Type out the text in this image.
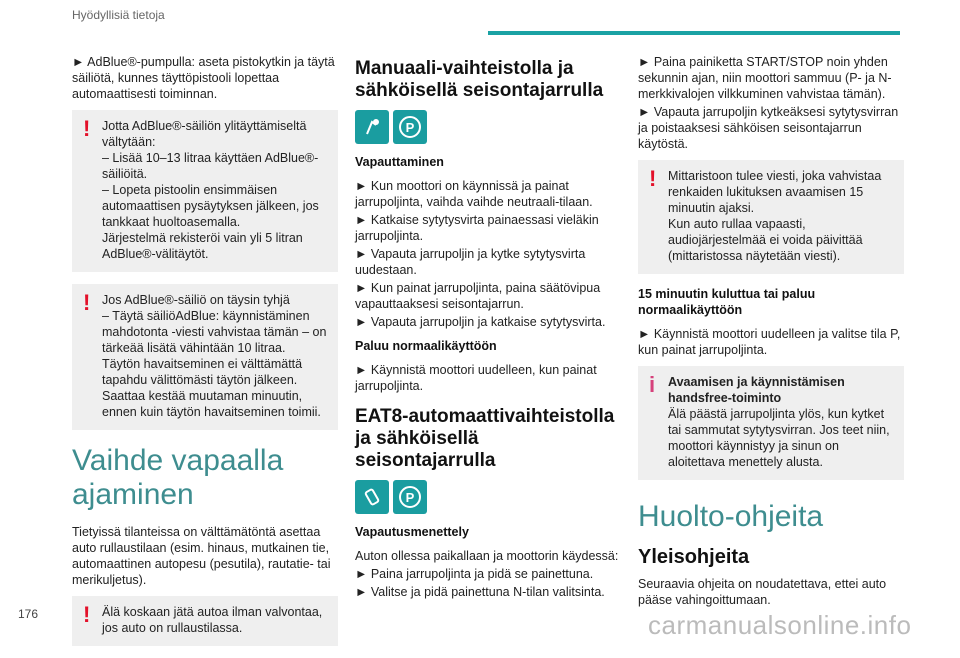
Hyödyllisiä tietoja
176

► AdBlue®-pumpulla: aseta pistokytkin ja täytä säiliötä, kunnes täyttöpistooli lopettaa automaattisesti toiminnan.

! Jotta AdBlue®-säiliön ylitäyttämiseltä vältytään:
– Lisää 10–13 litraa käyttäen AdBlue®-säiliöitä.
– Lopeta pistoolin ensimmäisen automaattisen pysäytyksen jälkeen, jos tankkaat huoltoasemalla.
Järjestelmä rekisteröi vain yli 5 litran AdBlue®-välitäytöt.
! Jos AdBlue®-säiliö on täysin tyhjä
– Täytä säiliöAdBlue: käynnistäminen mahdotonta -viesti vahvistaa tämän – on tärkeää lisätä vähintään 10 litraa.
Täytön havaitseminen ei välttämättä tapahdu välittömästi täytön jälkeen. Saattaa kestää muutaman minuutin, ennen kuin täytön havaitseminen toimii.
Vaihde vapaalla ajaminen

Tietyissä tilanteissa on välttämätöntä asettaa auto rullaustilaan (esim. hinaus, mutkainen tie, automaattinen autopesu (pesutila), rautatie- tai merikuljetus).

! Älä koskaan jätä autoa ilman valvontaa, jos auto on rullaustilassa.
Manuaali-vaihteistolla ja sähköisellä seisontajarrulla
P

Vapauttaminen

► Kun moottori on käynnissä ja painat jarrupoljinta, vaihda vaihde neutraali-tilaan.

► Katkaise sytytysvirta painaessasi vieläkin jarrupoljinta.

► Vapauta jarrupoljin ja kytke sytytysvirta uudestaan.

► Kun painat jarrupoljinta, paina säätövipua vapauttaaksesi seisontajarrun.

► Vapauta jarrupoljin ja katkaise sytytysvirta.

Paluu normaalikäyttöön

► Käynnistä moottori uudelleen, kun painat jarrupoljinta.

EAT8-automaattivaihteistolla ja sähköisellä seisontajarrulla
P

Vapautusmenettely

Auton ollessa paikallaan ja moottorin käydessä:

► Paina jarrupoljinta ja pidä se painettuna.

► Valitse ja pidä painettuna N-tilan valitsinta.

► Paina painiketta START/STOP noin yhden sekunnin ajan, niin moottori sammuu (P- ja N-merkkivalojen vilkkuminen vahvistaa tämän).

► Vapauta jarrupoljin kytkeäksesi sytytysvirran ja poistaaksesi sähköisen seisontajarrun käytöstä.

! Mittaristoon tulee viesti, joka vahvistaa renkaiden lukituksen avaamisen 15 minuutin ajaksi.
Kun auto rullaa vapaasti, audiojärjestelmää ei voida päivittää (mittaristossa näytetään viesti).

15 minuutin kuluttua tai paluu normaalikäyttöön

► Käynnistä moottori uudelleen ja valitse tila P, kun painat jarrupoljinta.

i Avaamisen ja käynnistämisen handsfree-toiminto
Älä päästä jarrupoljinta ylös, kun kytket tai sammutat sytytysvirran. Jos teet niin, moottori käynnistyy ja sinun on aloitettava menettely alusta.
Huolto-ohjeita
Yleisohjeita

Seuraavia ohjeita on noudatettava, ettei auto pääse vahingoittumaan.

carmanualsonline.info
